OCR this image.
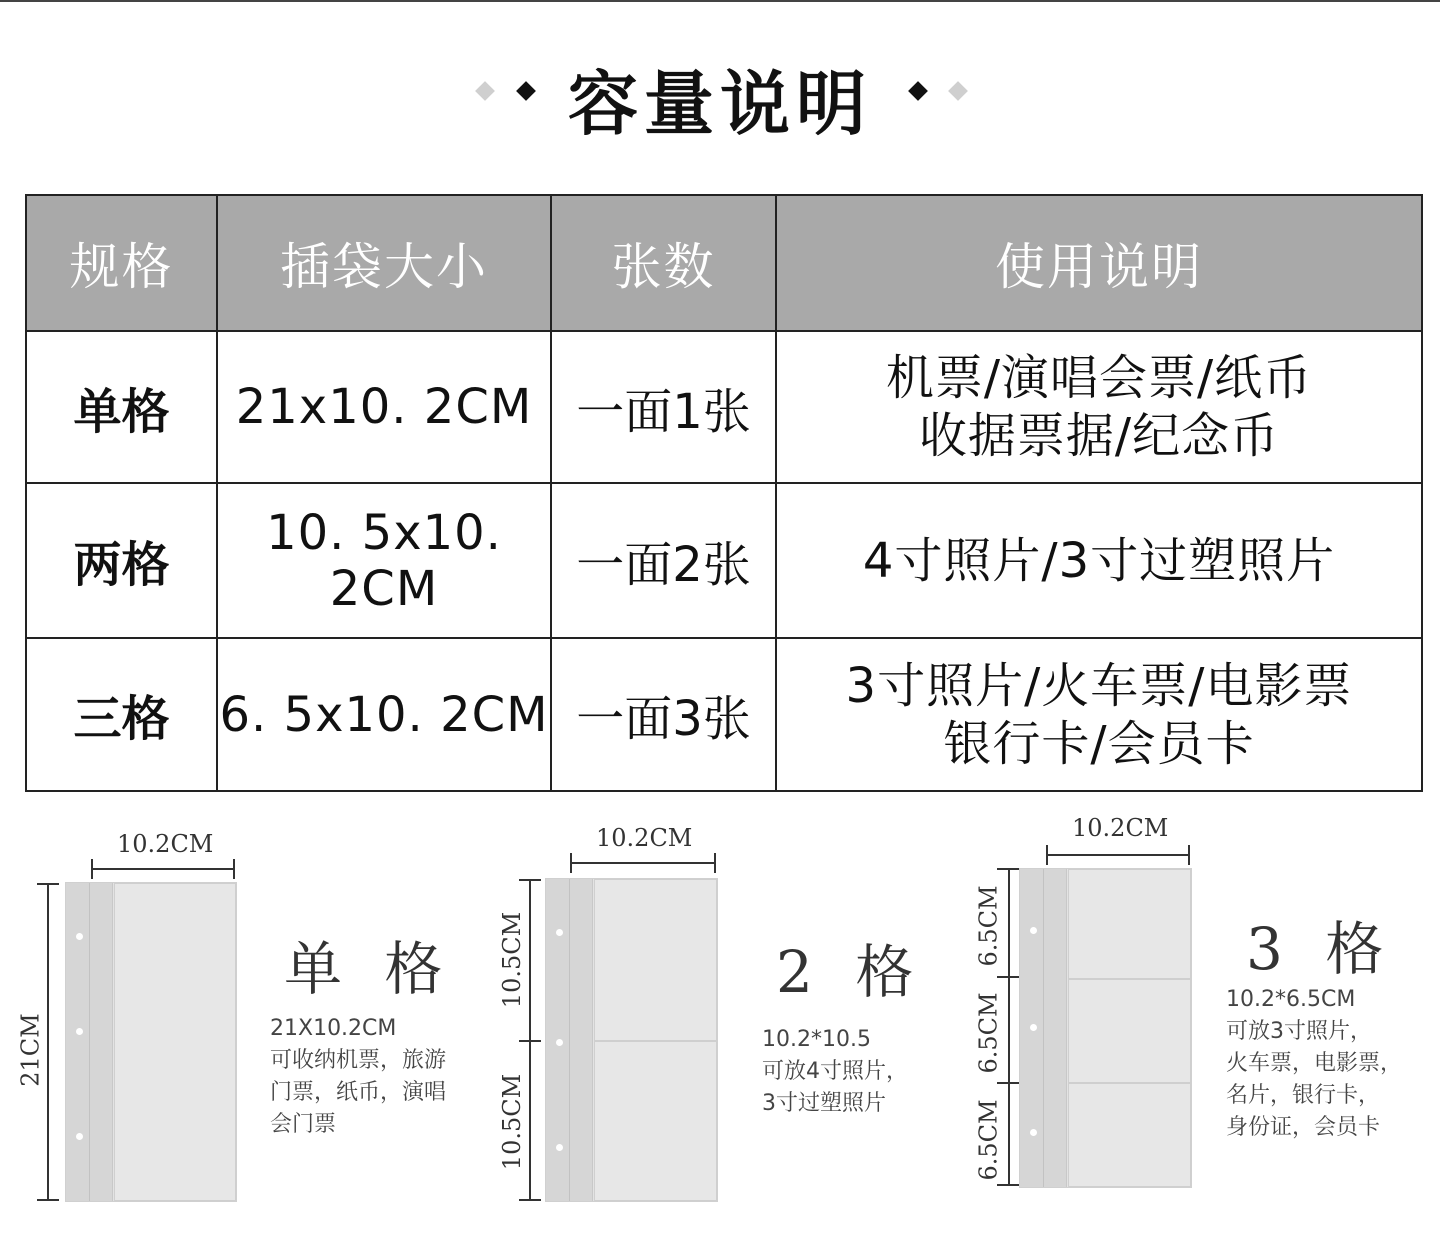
容量说明
规格	插袋大小	张数	使用说明
单格	21x10. 2CM	一面1张	机票/演唱会票/纸币
收据票据/纪念币

两格	10. 5x10. 2CM	一面2张	4寸照片/3寸过塑照片

三格	6. 5x10. 2CM	一面3张	3寸照片/火车票/电影票
银行卡/会员卡
10.2CM
21CM
单 格
21X10.2CM
可收纳机票，旅游
门票，纸币，演唱
会门票
10.2CM
10.5CM
10.5CM
2 格
10.2*10.5
可放4寸照片，
3寸过塑照片
10.2CM
6.5CM
6.5CM
6.5CM
3 格
10.2*6.5CM
可放3寸照片，
火车票，电影票，
名片，银行卡，
身份证，会员卡
